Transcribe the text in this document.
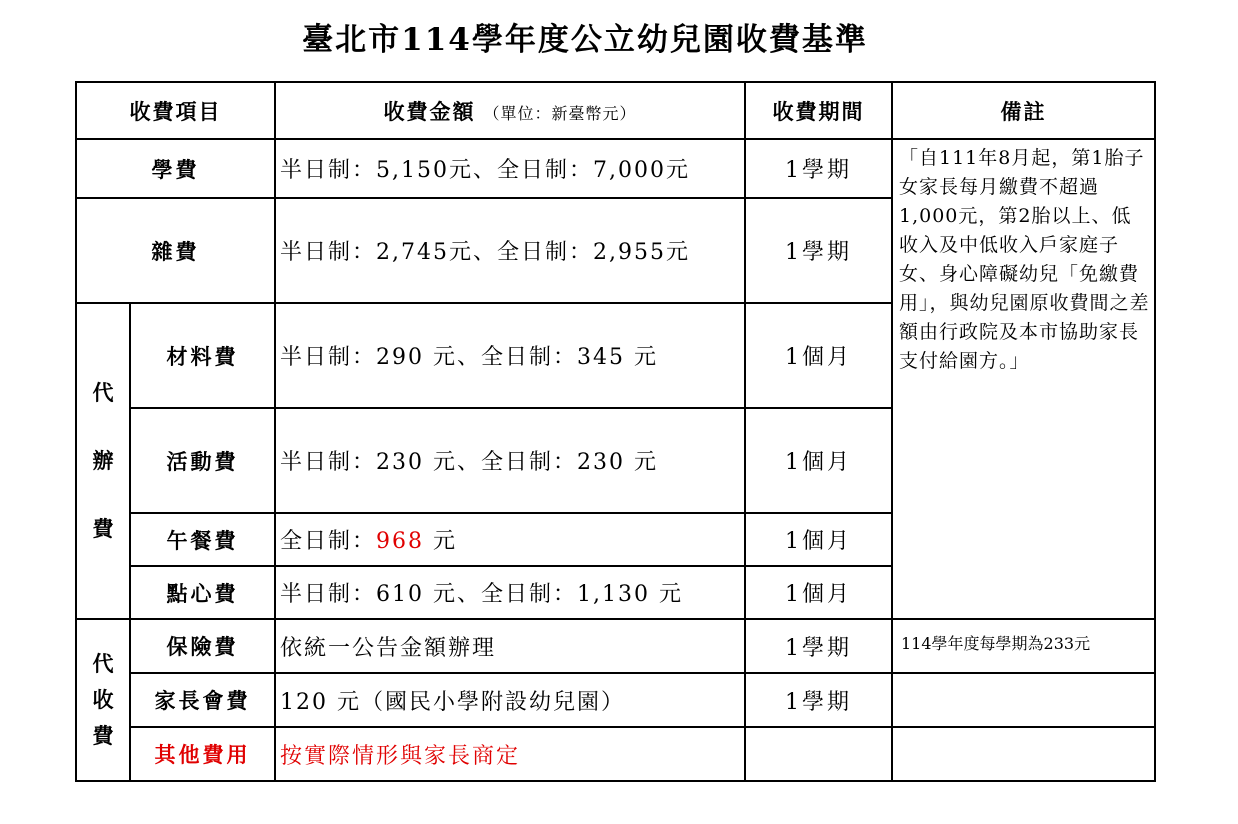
臺北市114學年度公立幼兒園收費基準
收費項目		收費金額 （單位：新臺幣元）	收費期間	備註
學費		半日制：5,150元、全日制：7,000元	1學期	「自111年8月起，第1胎子女家長每月繳費不超過1,000元，第2胎以上、低收入及中低收入戶家庭子女、身心障礙幼兒「免繳費用」，與幼兒園原收費間之差額由行政院及本市協助家長支付給園方。」
雜費		半日制：2,745元、全日制：2,955元	1學期	

代
辦
費	材料費	半日制：290 元、全日制：345 元	1個月	
	活動費	半日制：230 元、全日制：230 元	1個月	
	午餐費	全日制：968 元	1個月	
	點心費	半日制：610 元、全日制：1,130 元	1個月	

代
收
費	保險費	依統一公告金額辦理	1學期	114學年度每學期為233元
	家長會費	120 元（國民小學附設幼兒園）	1學期	
	其他費用	按實際情形與家長商定		
